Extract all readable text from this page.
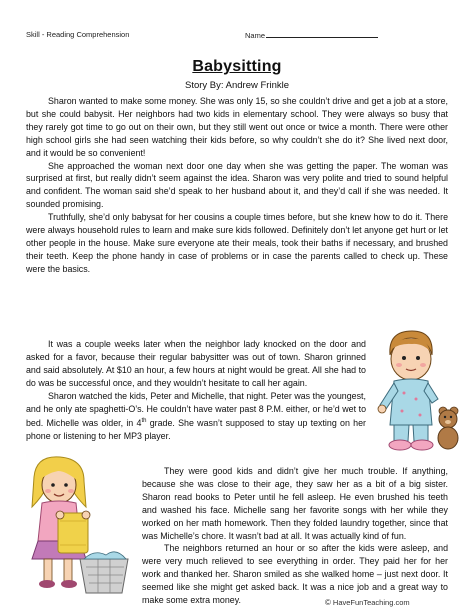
Skill - Reading Comprehension	Name
Babysitting
Story By: Andrew Frinkle

Sharon wanted to make some money. She was only 15, so she couldn’t drive and get a job at a store, but she could babysit. Her neighbors had two kids in elementary school. They were always so busy that they rarely got time to go out on their own, but they still went out once or twice a month. There were other high school girls she had seen watching their kids before, so why couldn’t she do it? She lived next door, and it would be so convenient!

She approached the woman next door one day when she was getting the paper. The woman was surprised at first, but really didn’t seem against the idea. Sharon was very polite and tried to sound helpful and confident. The woman said she’d speak to her husband about it, and they’d call if she was needed. It sounded promising.

Truthfully, she’d only babysat for her cousins a couple times before, but she knew how to do it. There were always household rules to learn and make sure kids followed. Definitely don’t let anyone get hurt or let other people in the house. Make sure everyone ate their meals, took their baths if necessary, and brushed their teeth. Keep the phone handy in case of problems or in case the parents called to check up. These were the basics.

It was a couple weeks later when the neighbor lady knocked on the door and asked for a favor, because their regular babysitter was out of town. Sharon grinned and said absolutely. At $10 an hour, a few hours at night would be great. All she had to do was be successful once, and they wouldn’t hesitate to call her again.

Sharon watched the kids, Peter and Michelle, that night. Peter was the youngest, and he only ate spaghetti-O’s. He couldn’t have water past 8 P.M. either, or he’d wet to bed. Michelle was older, in 4th grade. She wasn’t supposed to stay up texting on her phone or listening to her MP3 player.

They were good kids and didn’t give her much trouble. If anything, because she was close to their age, they saw her as a bit of a big sister. Sharon read books to Peter until he fell asleep. He even brushed his teeth and washed his face. Michelle sang her favorite songs with her while they worked on her math homework. Then they folded laundry together, since that was Michelle’s chore. It wasn’t bad at all. It was actually kind of fun.

The neighbors returned an hour or so after the kids were asleep, and were very much relieved to see everything in order. They paid her for her work and thanked her. Sharon smiled as she walked home – just next door. It seemed like she might get asked back. It was a nice job and a great way to make some extra money.	© HaveFunTeaching.com
